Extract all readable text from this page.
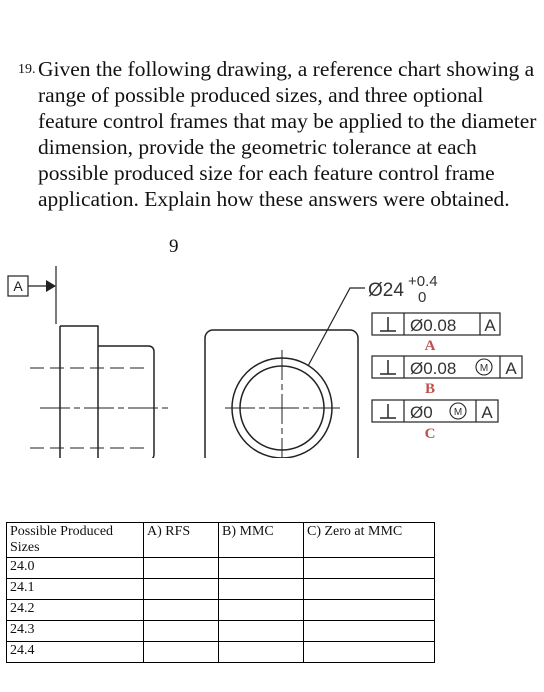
19. Given the following drawing, a reference chart showing a range of possible produced sizes, and three optional feature control frames that may be applied to the diameter dimension, provide the geometric tolerance at each possible produced size for each feature control frame application. Explain how these answers were obtained.
9
A	Ø24 +0.4
0
Ø0.08 A
A
Ø0.08 M A
B
Ø0 M A
C
Possible Produced Sizes	A) RFS	B) MMC	C) Zero at MMC
24.0			
24.1			
24.2			
24.3			
24.4			
